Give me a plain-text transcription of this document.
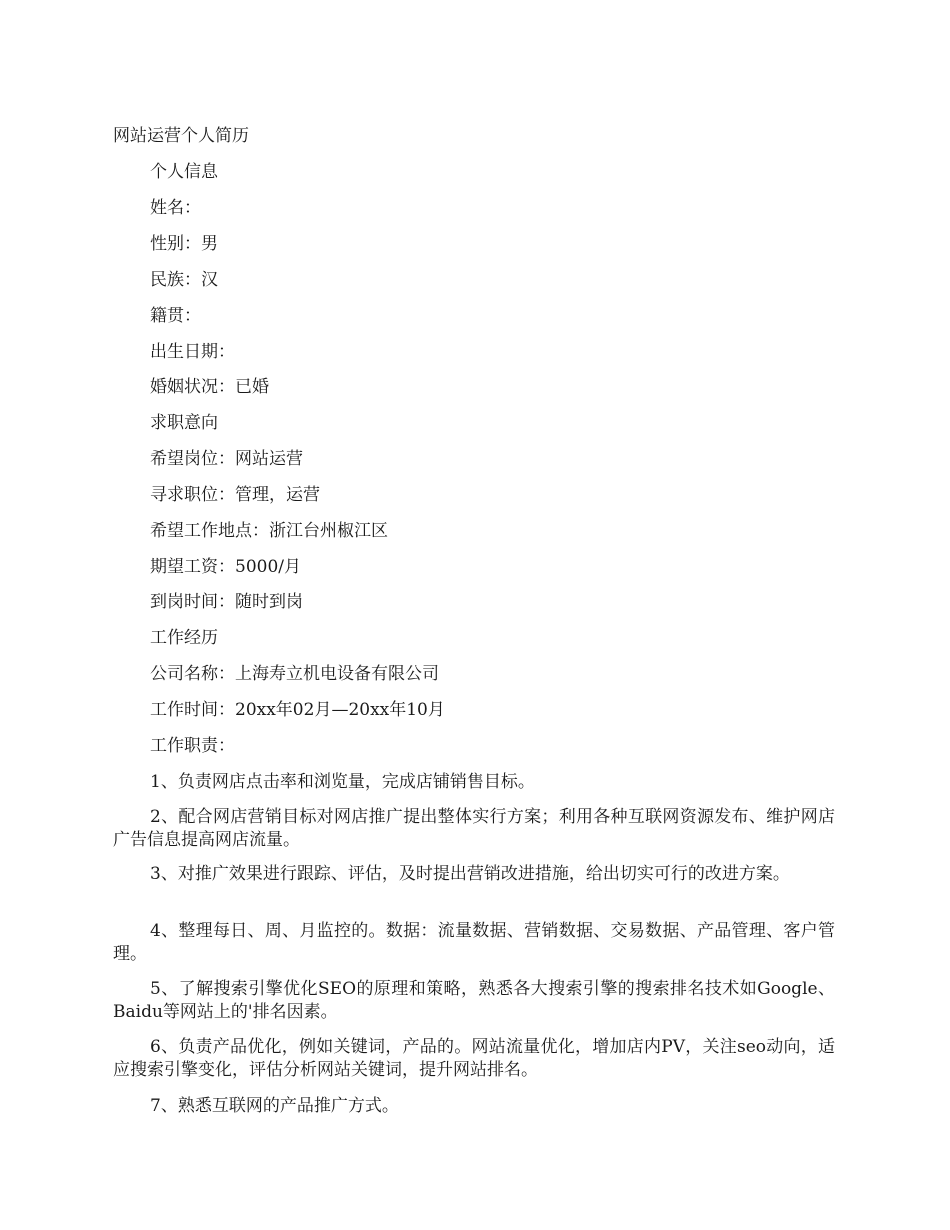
网站运营个人简历
个人信息
姓名：
性别：男
民族：汉
籍贯：
出生日期：
婚姻状况：已婚
求职意向
希望岗位：网站运营
寻求职位：管理，运营
希望工作地点：浙江台州椒江区
期望工资：5000/月
到岗时间：随时到岗
工作经历
公司名称：上海寿立机电设备有限公司
工作时间：20xx年02月—20xx年10月
工作职责：
1、负责网店点击率和浏览量，完成店铺销售目标。
2、配合网店营销目标对网店推广提出整体实行方案；利用各种互联网资源发布、维护网店广告信息提高网店流量。
3、对推广效果进行跟踪、评估，及时提出营销改进措施，给出切实可行的改进方案。
4、整理每日、周、月监控的。数据：流量数据、营销数据、交易数据、产品管理、客户管理。
5、了解搜索引擎优化SEO的原理和策略，熟悉各大搜索引擎的搜索排名技术如Google、Baidu等网站上的'排名因素。
6、负责产品优化，例如关键词，产品的。网站流量优化，增加店内PV，关注seo动向，适应搜索引擎变化，评估分析网站关键词，提升网站排名。
7、熟悉互联网的产品推广方式。
